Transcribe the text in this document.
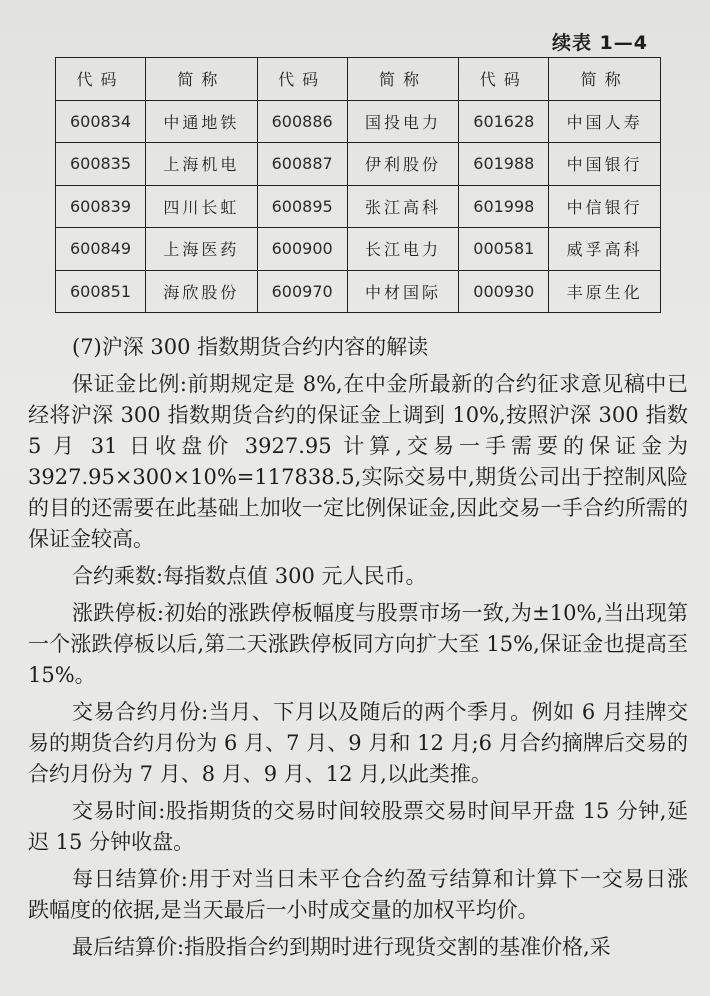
续表 1—4
代码	简称	代码	简称	代码	简称
600834	中通地铁	600886	国投电力	601628	中国人寿
600835	上海机电	600887	伊利股份	601988	中国银行
600839	四川长虹	600895	张江高科	601998	中信银行
600849	上海医药	600900	长江电力	000581	威孚高科
600851	海欣股份	600970	中材国际	000930	丰原生化

(7)沪深 300 指数期货合约内容的解读

保证金比例:前期规定是 8%,在中金所最新的合约征求意见稿中已经将沪深 300 指数期货合约的保证金上调到 10%,按照沪深 300 指数 5 月 31 日收盘价 3927.95 计算,交易一手需要的保证金为 3927.95×300×10%=117838.5,实际交易中,期货公司出于控制风险的目的还需要在此基础上加收一定比例保证金,因此交易一手合约所需的保证金较高。

合约乘数:每指数点值 300 元人民币。

涨跌停板:初始的涨跌停板幅度与股票市场一致,为±10%,当出现第一个涨跌停板以后,第二天涨跌停板同方向扩大至 15%,保证金也提高至 15%。

交易合约月份:当月、下月以及随后的两个季月。例如 6 月挂牌交易的期货合约月份为 6 月、7 月、9 月和 12 月;6 月合约摘牌后交易的合约月份为 7 月、8 月、9 月、12 月,以此类推。

交易时间:股指期货的交易时间较股票交易时间早开盘 15 分钟,延迟 15 分钟收盘。

每日结算价:用于对当日未平仓合约盈亏结算和计算下一交易日涨跌幅度的依据,是当天最后一小时成交量的加权平均价。

最后结算价:指股指合约到期时进行现货交割的基准价格,采
